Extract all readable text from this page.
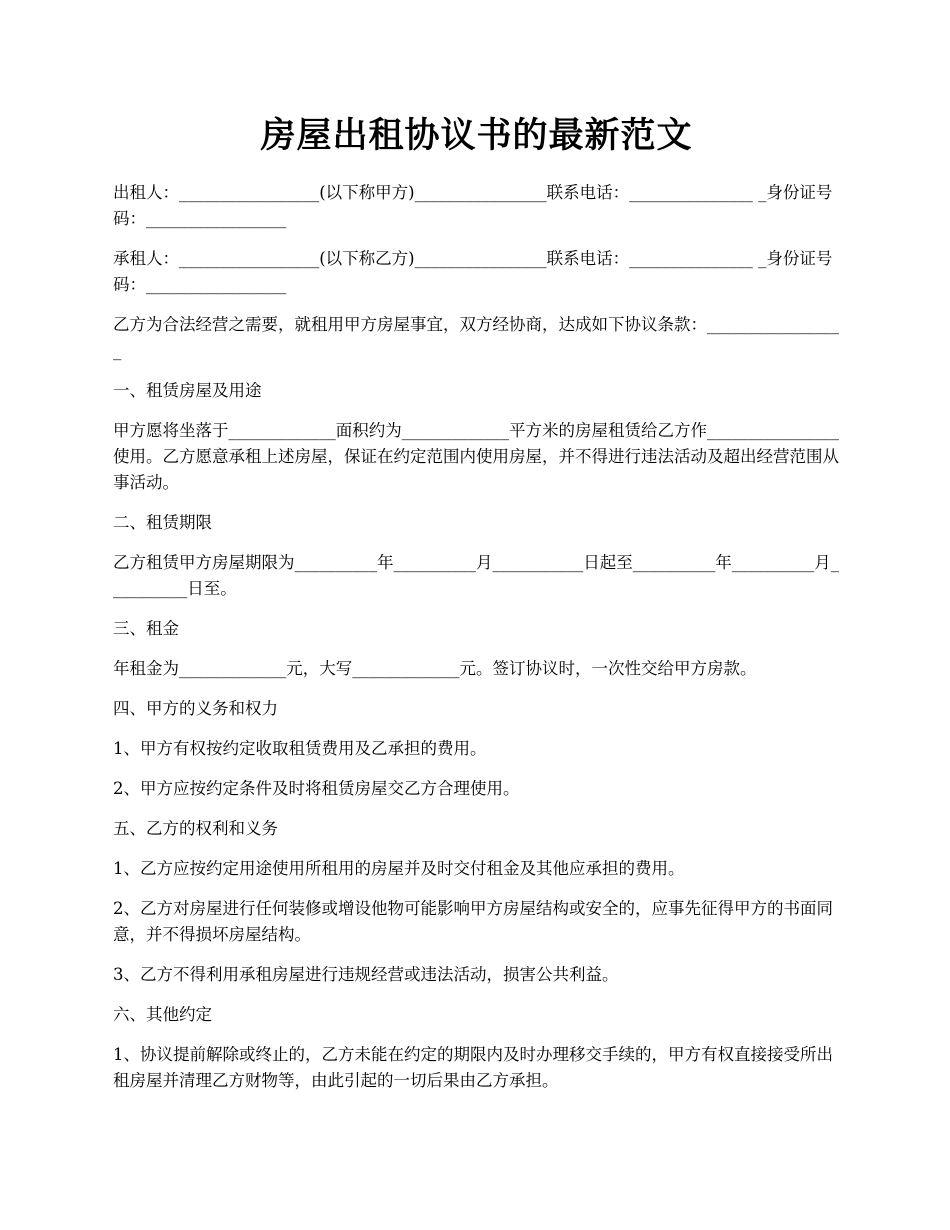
房屋出租协议书的最新范文

出租人：_________________(以下称甲方)________________联系电话：_______________ _身份证号码：_________________

承租人：_________________(以下称乙方)________________联系电话：_______________ _身份证号码：_________________

乙方为合法经营之需要，就租用甲方房屋事宜，双方经协商，达成如下协议条款：_________________

一、租赁房屋及用途

甲方愿将坐落于_____________面积约为_____________平方米的房屋租赁给乙方作________________使用。乙方愿意承租上述房屋，保证在约定范围内使用房屋，并不得进行违法活动及超出经营范围从事活动。

二、租赁期限

乙方租赁甲方房屋期限为__________年__________月___________日起至__________年__________月__________日至。

三、租金

年租金为_____________元，大写_____________元。签订协议时，一次性交给甲方房款。

四、甲方的义务和权力

1、甲方有权按约定收取租赁费用及乙承担的费用。

2、甲方应按约定条件及时将租赁房屋交乙方合理使用。

五、乙方的权利和义务

1、乙方应按约定用途使用所租用的房屋并及时交付租金及其他应承担的费用。

2、乙方对房屋进行任何装修或增设他物可能影响甲方房屋结构或安全的，应事先征得甲方的书面同意，并不得损坏房屋结构。

3、乙方不得利用承租房屋进行违规经营或违法活动，损害公共利益。

六、其他约定

1、协议提前解除或终止的，乙方未能在约定的期限内及时办理移交手续的，甲方有权直接接受所出租房屋并清理乙方财物等，由此引起的一切后果由乙方承担。
